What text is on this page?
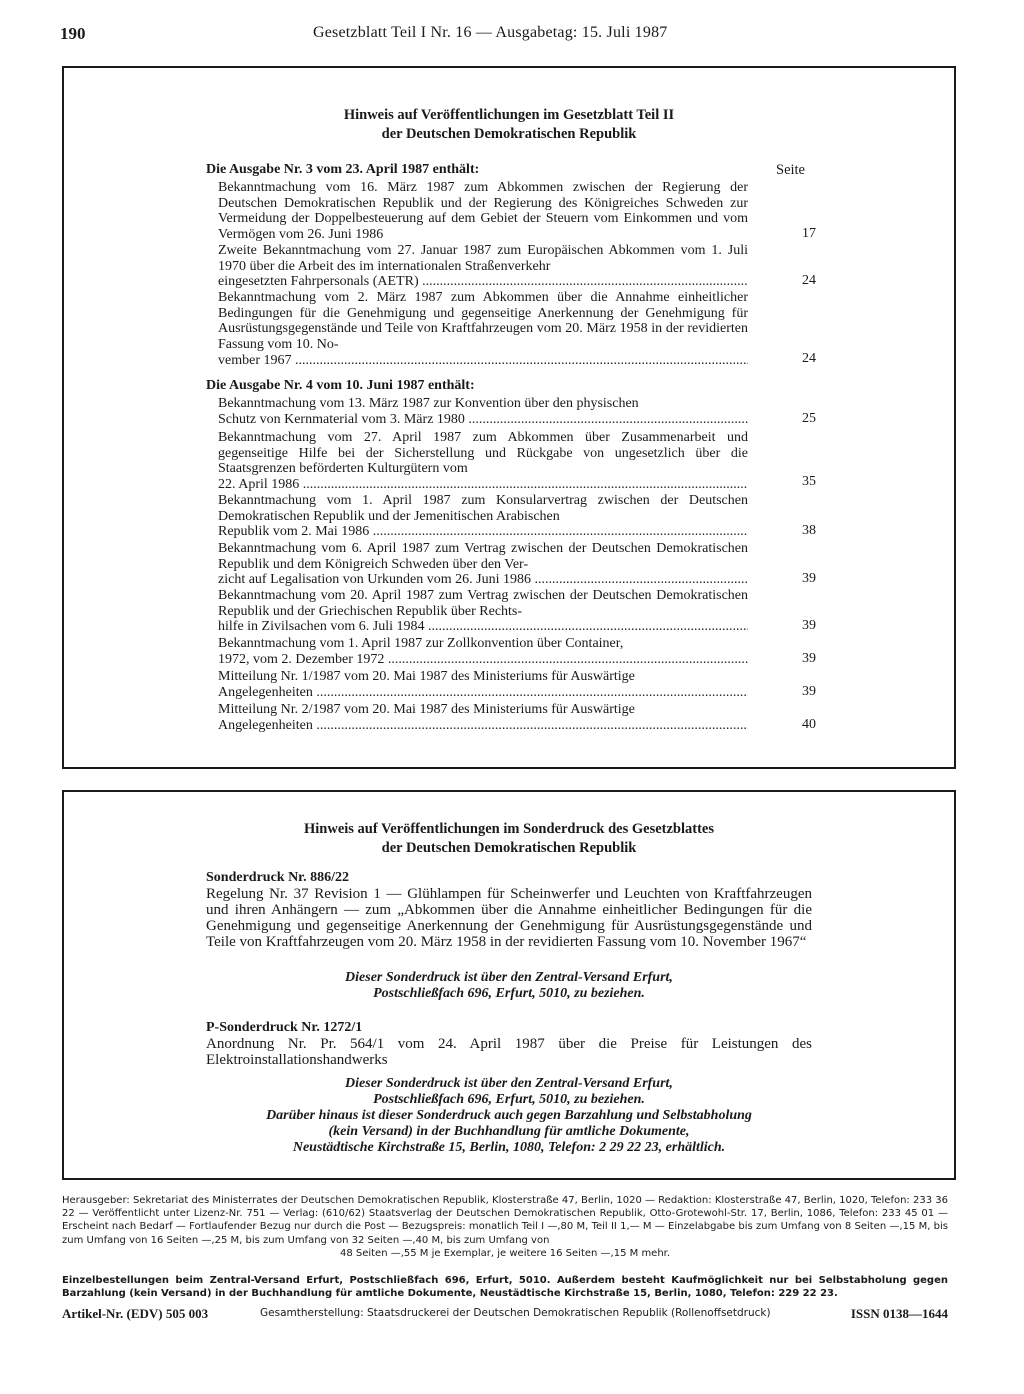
190	Gesetzblatt Teil I Nr. 16 — Ausgabetag: 15. Juli 1987
Hinweis auf Veröffentlichungen im Gesetzblatt Teil II
der Deutschen Demokratischen Republik
Die Ausgabe Nr. 3 vom 23. April 1987 enthält:	Seite
Bekanntmachung vom 16. März 1987 zum Abkommen zwischen der Regierung der Deutschen Demokratischen Republik und der Regierung des Königreiches Schweden zur Vermeidung der Doppelbesteuerung auf dem Gebiet der Steuern vom Einkommen und vom Vermögen vom 26. Juni 1986	17
Zweite Bekanntmachung vom 27. Januar 1987 zum Europäischen Abkommen vom 1. Juli 1970 über die Arbeit des im internationalen Straßenverkehr
eingesetzten Fahrpersonals (AETR) .....	24
Bekanntmachung vom 2. März 1987 zum Abkommen über die Annahme einheitlicher Bedingungen für die Genehmigung und gegenseitige Anerkennung der Genehmigung für Ausrüstungsgegenstände und Teile von Kraftfahrzeugen vom 20. März 1958 in der revidierten Fassung vom 10. No-
vember 1967 .....	24
Die Ausgabe Nr. 4 vom 10. Juni 1987 enthält:
Bekanntmachung vom 13. März 1987 zur Konvention über den physischen
Schutz von Kernmaterial vom 3. März 1980 .....	25
Bekanntmachung vom 27. April 1987 zum Abkommen über Zusammenarbeit und gegenseitige Hilfe bei der Sicherstellung und Rückgabe von ungesetzlich über die Staatsgrenzen beförderten Kulturgütern vom
22. April 1986 .....	35
Bekanntmachung vom 1. April 1987 zum Konsularvertrag zwischen der Deutschen Demokratischen Republik und der Jemenitischen Arabischen
Republik vom 2. Mai 1986 .....	38
Bekanntmachung vom 6. April 1987 zum Vertrag zwischen der Deutschen Demokratischen Republik und dem Königreich Schweden über den Ver-
zicht auf Legalisation von Urkunden vom 26. Juni 1986 .....	39
Bekanntmachung vom 20. April 1987 zum Vertrag zwischen der Deutschen Demokratischen Republik und der Griechischen Republik über Rechts-
hilfe in Zivilsachen vom 6. Juli 1984 .....	39
Bekanntmachung vom 1. April 1987 zur Zollkonvention über Container,
1972, vom 2. Dezember 1972 .....	39
Mitteilung Nr. 1/1987 vom 20. Mai 1987 des Ministeriums für Auswärtige
Angelegenheiten .....	39
Mitteilung Nr. 2/1987 vom 20. Mai 1987 des Ministeriums für Auswärtige
Angelegenheiten .....	40
Hinweis auf Veröffentlichungen im Sonderdruck des Gesetzblattes
der Deutschen Demokratischen Republik
Sonderdruck Nr. 886/22
Regelung Nr. 37 Revision 1 — Glühlampen für Scheinwerfer und Leuchten von Kraftfahrzeugen und ihren Anhängern — zum „Abkommen über die Annahme einheitlicher Bedingungen für die Genehmigung und gegenseitige Anerkennung der Genehmigung für Ausrüstungsgegenstände und Teile von Kraftfahrzeugen vom 20. März 1958 in der revidierten Fassung vom 10. November 1967“
Dieser Sonderdruck ist über den Zentral-Versand Erfurt,
Postschließfach 696, Erfurt, 5010, zu beziehen.
P-Sonderdruck Nr. 1272/1
Anordnung Nr. Pr. 564/1 vom 24. April 1987 über die Preise für Leistungen des Elektroinstallationshandwerks
Dieser Sonderdruck ist über den Zentral-Versand Erfurt,
Postschließfach 696, Erfurt, 5010, zu beziehen.
Darüber hinaus ist dieser Sonderdruck auch gegen Barzahlung und Selbstabholung
(kein Versand) in der Buchhandlung für amtliche Dokumente,
Neustädtische Kirchstraße 15, Berlin, 1080, Telefon: 2 29 22 23, erhältlich.
Herausgeber: Sekretariat des Ministerrates der Deutschen Demokratischen Republik, Klosterstraße 47, Berlin, 1020 — Redaktion: Klosterstraße 47, Berlin, 1020, Telefon: 233 36 22 — Veröffentlicht unter Lizenz-Nr. 751 — Verlag: (610/62) Staatsverlag der Deutschen Demokratischen Republik, Otto-Grotewohl-Str. 17, Berlin, 1086, Telefon: 233 45 01 — Erscheint nach Bedarf — Fortlaufender Bezug nur durch die Post — Bezugspreis: monatlich Teil I —,80 M, Teil II 1,— M — Einzelabgabe bis zum Umfang von 8 Seiten —,15 M, bis zum Umfang von 16 Seiten —,25 M, bis zum Umfang von 32 Seiten —,40 M, bis zum Umfang von
48 Seiten —,55 M je Exemplar, je weitere 16 Seiten —,15 M mehr.
Einzelbestellungen beim Zentral-Versand Erfurt, Postschließfach 696, Erfurt, 5010. Außerdem besteht Kaufmöglichkeit nur bei Selbstabholung gegen Barzahlung (kein Versand) in der Buchhandlung für amtliche Dokumente, Neustädtische Kirchstraße 15, Berlin, 1080, Telefon: 229 22 23.
Artikel-Nr. (EDV) 505 003	Gesamtherstellung: Staatsdruckerei der Deutschen Demokratischen Republik (Rollenoffsetdruck)	ISSN 0138—1644
